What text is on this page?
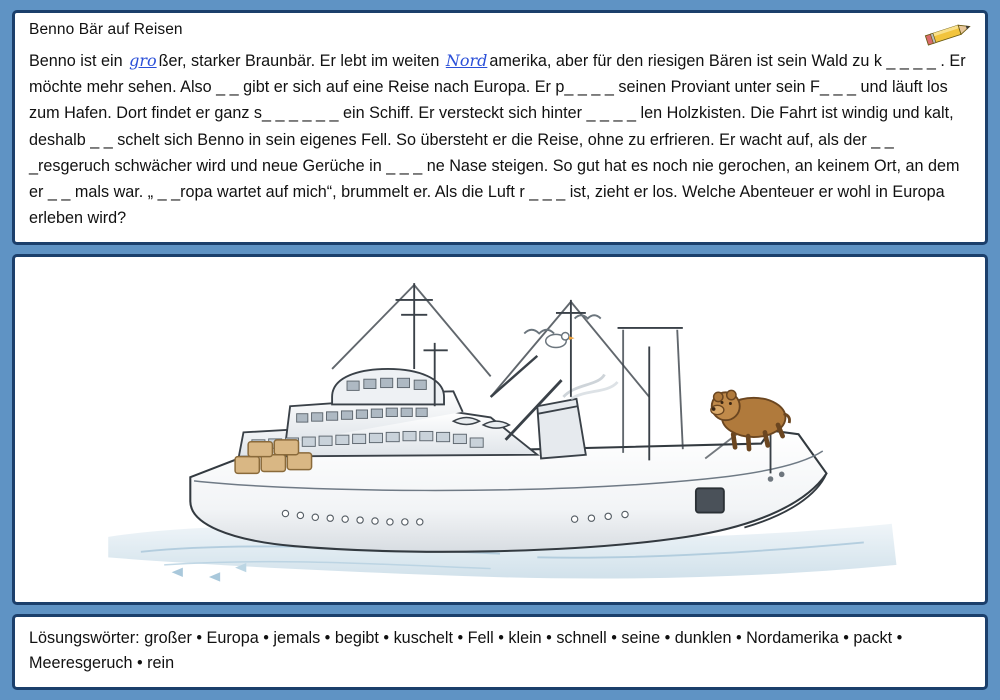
Benno Bär auf Reisen
Benno ist ein gro ßer, starker Braunbär. Er lebt im weiten Nord amerika, aber für den riesigen Bären ist sein Wald zu k _ _ _ _ . Er möchte mehr sehen. Also _ _ gibt er sich auf eine Reise nach Europa. Er p_ _ _ _ seinen Proviant unter sein F_ _ _ und läuft los zum Hafen. Dort findet er ganz s_ _ _ _ _ _ ein Schiff. Er versteckt sich hinter _ _ _ _ len Holzkisten. Die Fahrt ist windig und kalt, deshalb _ _ schelt sich Benno in sein eigenes Fell. So übersteht er die Reise, ohne zu erfrieren. Er wacht auf, als der _ _ _resgeruch schwächer wird und neue Gerüche in _ _ _ ne Nase steigen. So gut hat es noch nie gerochen, an keinem Ort, an dem er _ _ mals war. „ _ _ropa wartet auf mich“, brummelt er. Als die Luft r _ _ _ ist, zieht er los. Welche Abenteuer er wohl in Europa erleben wird?
Lösungswörter: großer • Europa • jemals • begibt • kuschelt • Fell • klein • schnell • seine • dunklen • Nordamerika • packt • Meeresgeruch • rein
